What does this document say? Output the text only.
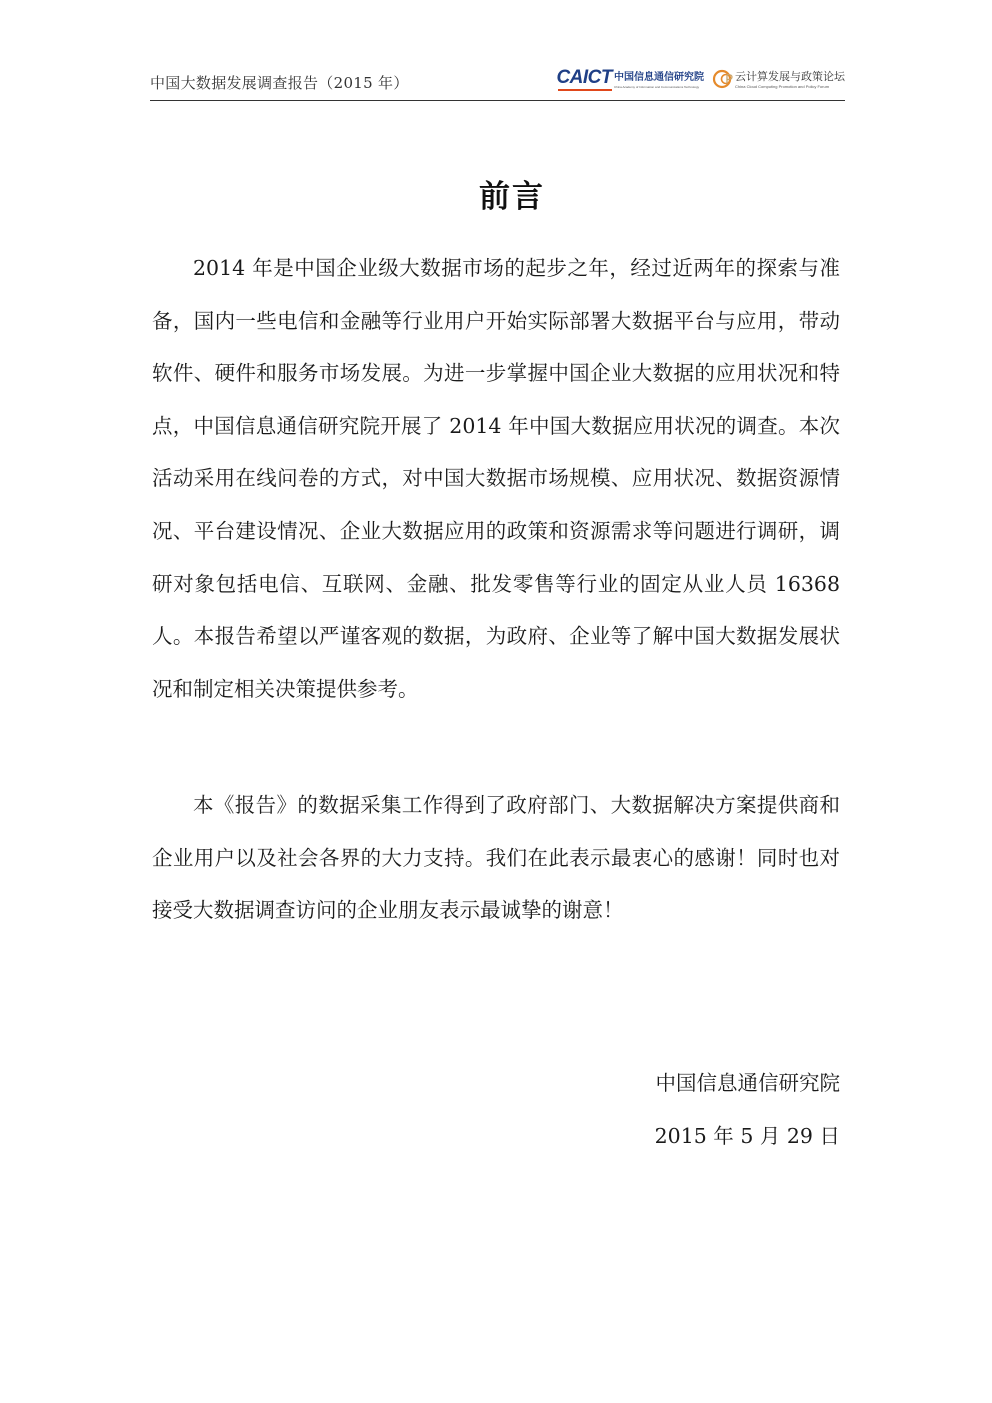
中国大数据发展调查报告（2015 年）	CAICT 中国信息通信研究院
China Academy of Information and Communications Technology
云计算发展与政策论坛
China Cloud Computing Promotion and Policy Forum
前言

2014 年是中国企业级大数据市场的起步之年，经过近两年的探索与准备，国内一些电信和金融等行业用户开始实际部署大数据平台与应用，带动软件、硬件和服务市场发展。为进一步掌握中国企业大数据的应用状况和特点，中国信息通信研究院开展了 2014 年中国大数据应用状况的调查。本次活动采用在线问卷的方式，对中国大数据市场规模、应用状况、数据资源情况、平台建设情况、企业大数据应用的政策和资源需求等问题进行调研，调研对象包括电信、互联网、金融、批发零售等行业的固定从业人员 16368 人。本报告希望以严谨客观的数据，为政府、企业等了解中国大数据发展状况和制定相关决策提供参考。

本《报告》的数据采集工作得到了政府部门、大数据解决方案提供商和企业用户以及社会各界的大力支持。我们在此表示最衷心的感谢！同时也对接受大数据调查访问的企业朋友表示最诚挚的谢意！

中国信息通信研究院
2015 年 5 月 29 日
